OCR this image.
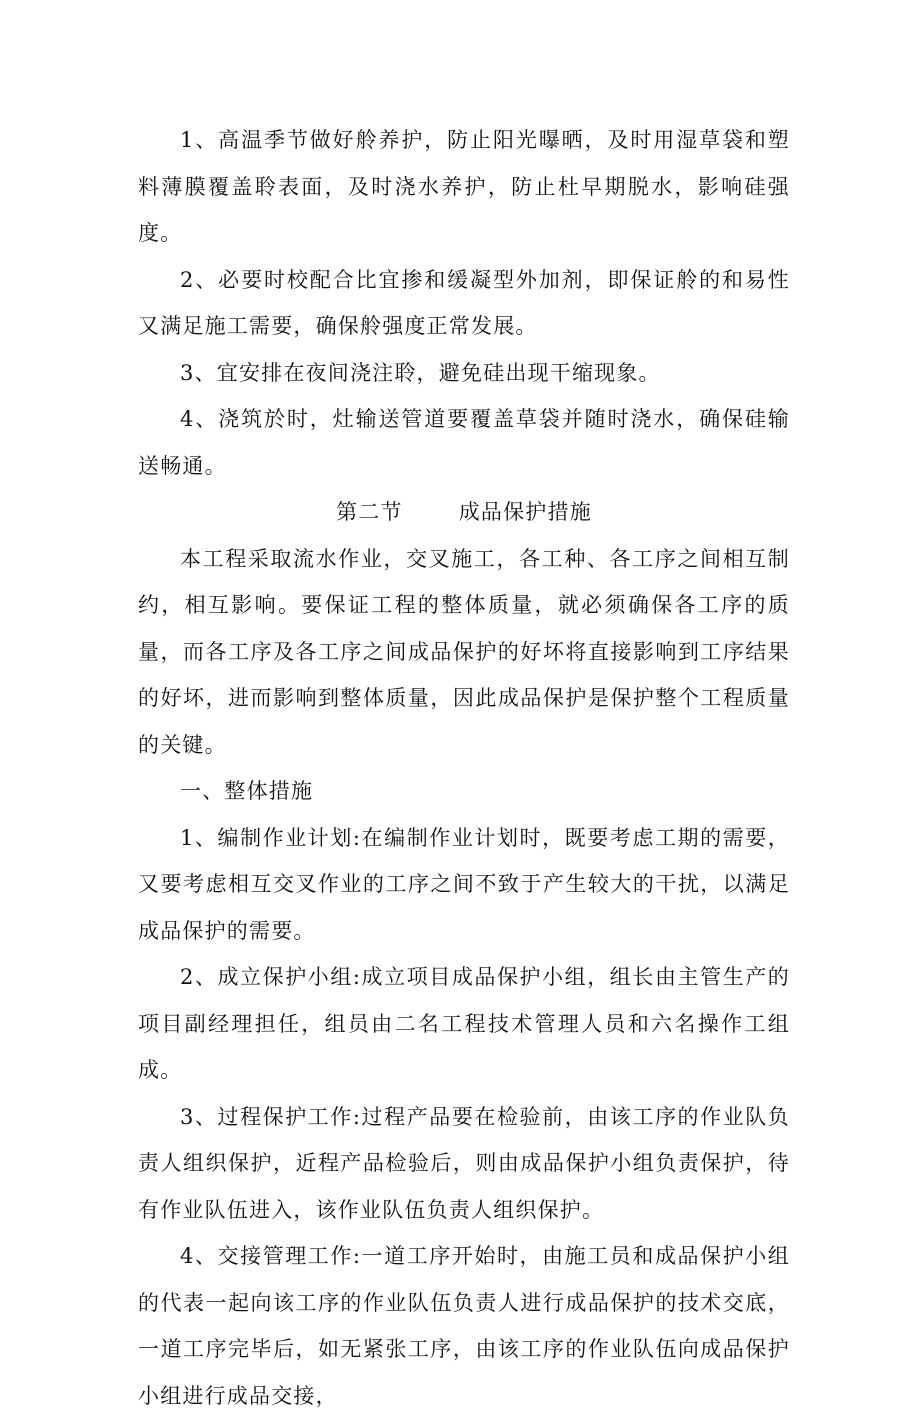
1、高温季节做好舲养护，防止阳光曝晒，及时用湿草袋和塑料薄膜覆盖聆表面，及时浇水养护，防止杜早期脱水，影响硅强度。

2、必要时校配合比宜掺和缓凝型外加剂，即保证舲的和易性又满足施工需要，确保舲强度正常发展。

3、宜安排在夜间浇注聆，避免硅出现干缩现象。

4、浇筑於时，灶输送管道要覆盖草袋并随时浇水，确保硅输送畅通。

第二节	成品保护措施

本工程采取流水作业，交叉施工，各工种、各工序之间相互制约，相互影响。要保证工程的整体质量，就必须确保各工序的质量，而各工序及各工序之间成品保护的好坏将直接影响到工序结果的好坏，进而影响到整体质量，因此成品保护是保护整个工程质量的关键。

一、整体措施

1、编制作业计划:在编制作业计划时，既要考虑工期的需要，又要考虑相互交叉作业的工序之间不致于产生较大的干扰，以满足成品保护的需要。

2、成立保护小组:成立项目成品保护小组，组长由主管生产的项目副经理担任，组员由二名工程技术管理人员和六名操作工组成。

3、过程保护工作:过程产品要在检验前，由该工序的作业队负责人组织保护，近程产品检验后，则由成品保护小组负责保护，待有作业队伍进入，该作业队伍负责人组织保护。

4、交接管理工作:一道工序开始时，由施工员和成品保护小组的代表一起向该工序的作业队伍负责人进行成品保护的技术交底，一道工序完毕后，如无紧张工序，由该工序的作业队伍向成品保护小组进行成品交接，
